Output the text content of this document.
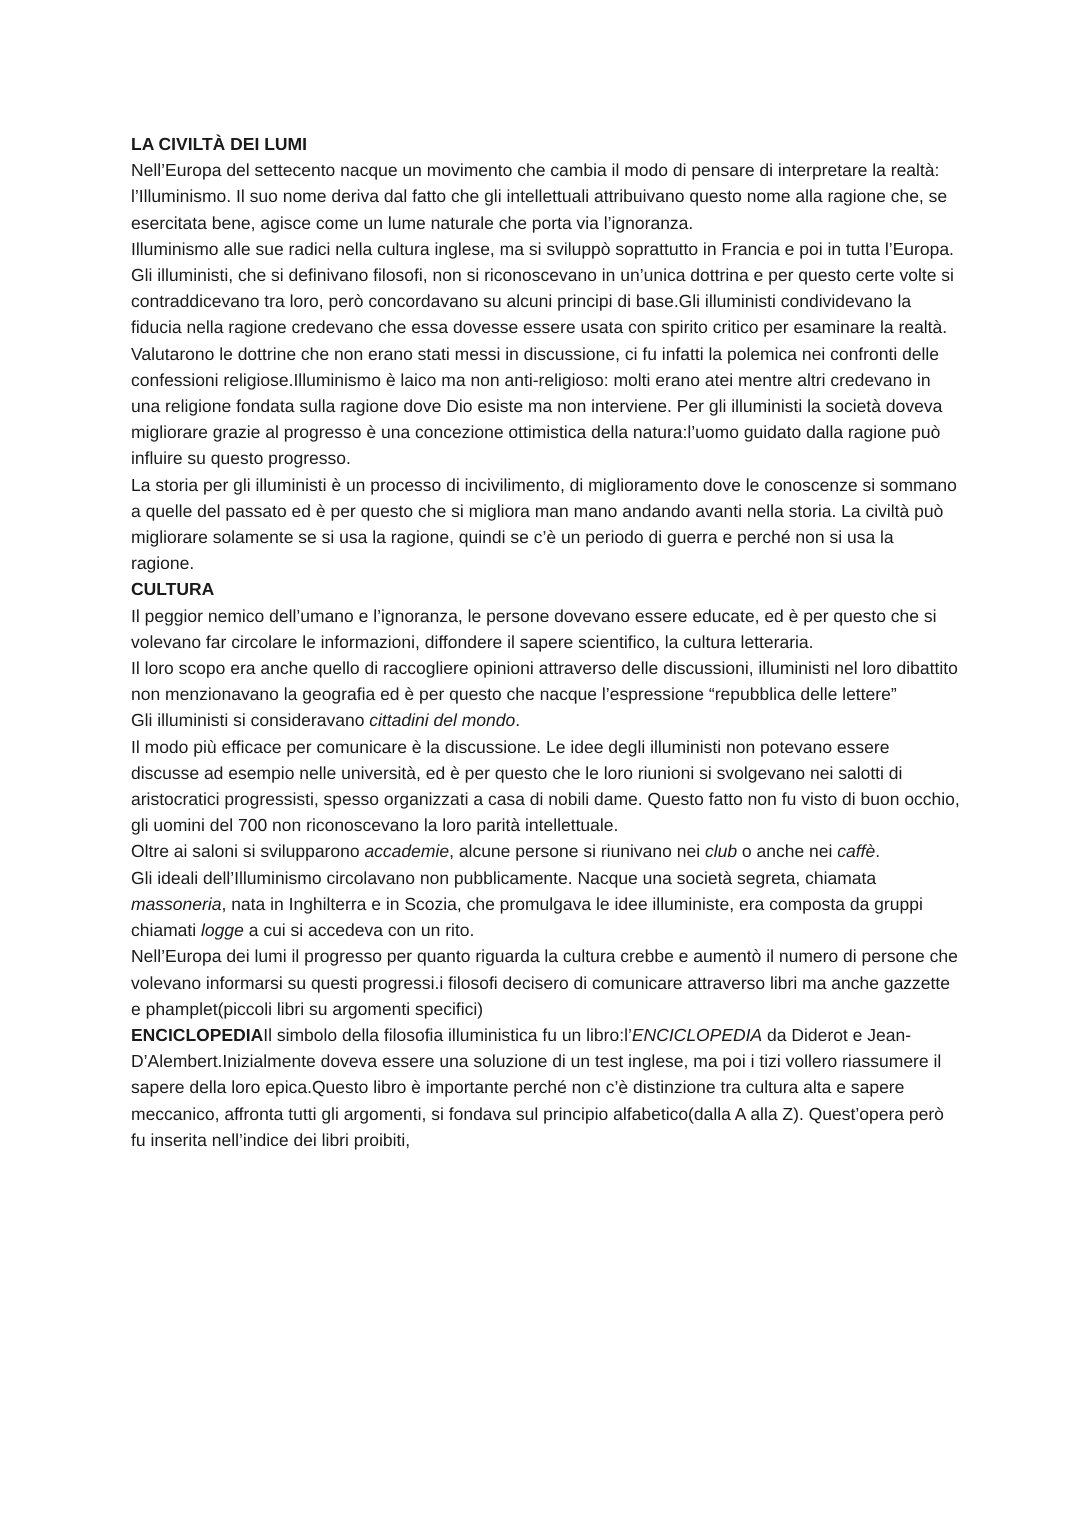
LA CIVILTÀ DEI LUMI

Nell’Europa del settecento nacque un movimento che cambia il modo di pensare di interpretare la realtà: l’Illuminismo. Il suo nome deriva dal fatto che gli intellettuali attribuivano questo nome alla ragione che, se esercitata bene, agisce come un lume naturale che porta via l’ignoranza.

Illuminismo alle sue radici nella cultura inglese, ma si sviluppò soprattutto in Francia e poi in tutta l’Europa.

Gli illuministi, che si definivano filosofi, non si riconoscevano in un’unica dottrina e per questo certe volte si contraddicevano tra loro, però concordavano su alcuni principi di base.Gli illuministi condividevano la fiducia nella ragione credevano che essa dovesse essere usata con spirito critico per esaminare la realtà.

Valutarono le dottrine che non erano stati messi in discussione, ci fu infatti la polemica nei confronti delle confessioni religiose.Illuminismo è laico ma non anti-religioso: molti erano atei mentre altri credevano in una religione fondata sulla ragione dove Dio esiste ma non interviene. Per gli illuministi la società doveva migliorare grazie al progresso è una concezione ottimistica della natura:l’uomo guidato dalla ragione può influire su questo progresso.

La storia per gli illuministi è un processo di incivilimento, di miglioramento dove le conoscenze si sommano a quelle del passato ed è per questo che si migliora man mano andando avanti nella storia. La civiltà può migliorare solamente se si usa la ragione, quindi se c’è un periodo di guerra e perché non si usa la ragione.

CULTURA

Il peggior nemico dell’umano e l’ignoranza, le persone dovevano essere educate, ed è per questo che si volevano far circolare le informazioni, diffondere il sapere scientifico, la cultura letteraria.

Il loro scopo era anche quello di raccogliere opinioni attraverso delle discussioni, illuministi nel loro dibattito non menzionavano la geografia ed è per questo che nacque l’espressione “repubblica delle lettere”

Gli illuministi si consideravano cittadini del mondo.

Il modo più efficace per comunicare è la discussione. Le idee degli illuministi non potevano essere discusse ad esempio nelle università, ed è per questo che le loro riunioni si svolgevano nei salotti di aristocratici progressisti, spesso organizzati a casa di nobili dame. Questo fatto non fu visto di buon occhio, gli uomini del 700 non riconoscevano la loro parità intellettuale.

Oltre ai saloni si svilupparono accademie, alcune persone si riunivano nei club o anche nei caffè.

Gli ideali dell’Illuminismo circolavano non pubblicamente. Nacque una società segreta, chiamata massoneria, nata in Inghilterra e in Scozia, che promulgava le idee illuministe, era composta da gruppi chiamati logge a cui si accedeva con un rito.

Nell’Europa dei lumi il progresso per quanto riguarda la cultura crebbe e aumentò il numero di persone che volevano informarsi su questi progressi.i filosofi decisero di comunicare attraverso libri ma anche gazzette e phamplet(piccoli libri su argomenti specifici)

ENCICLOPEDIAIl simbolo della filosofia illuministica fu un libro:l’ENCICLOPEDIA da Diderot e Jean-D’Alembert.Inizialmente doveva essere una soluzione di un test inglese, ma poi i tizi vollero riassumere il sapere della loro epica.Questo libro è importante perché non c’è distinzione tra cultura alta e sapere meccanico, affronta tutti gli argomenti, si fondava sul principio alfabetico(dalla A alla Z). Quest’opera però fu inserita nell’indice dei libri proibiti,
